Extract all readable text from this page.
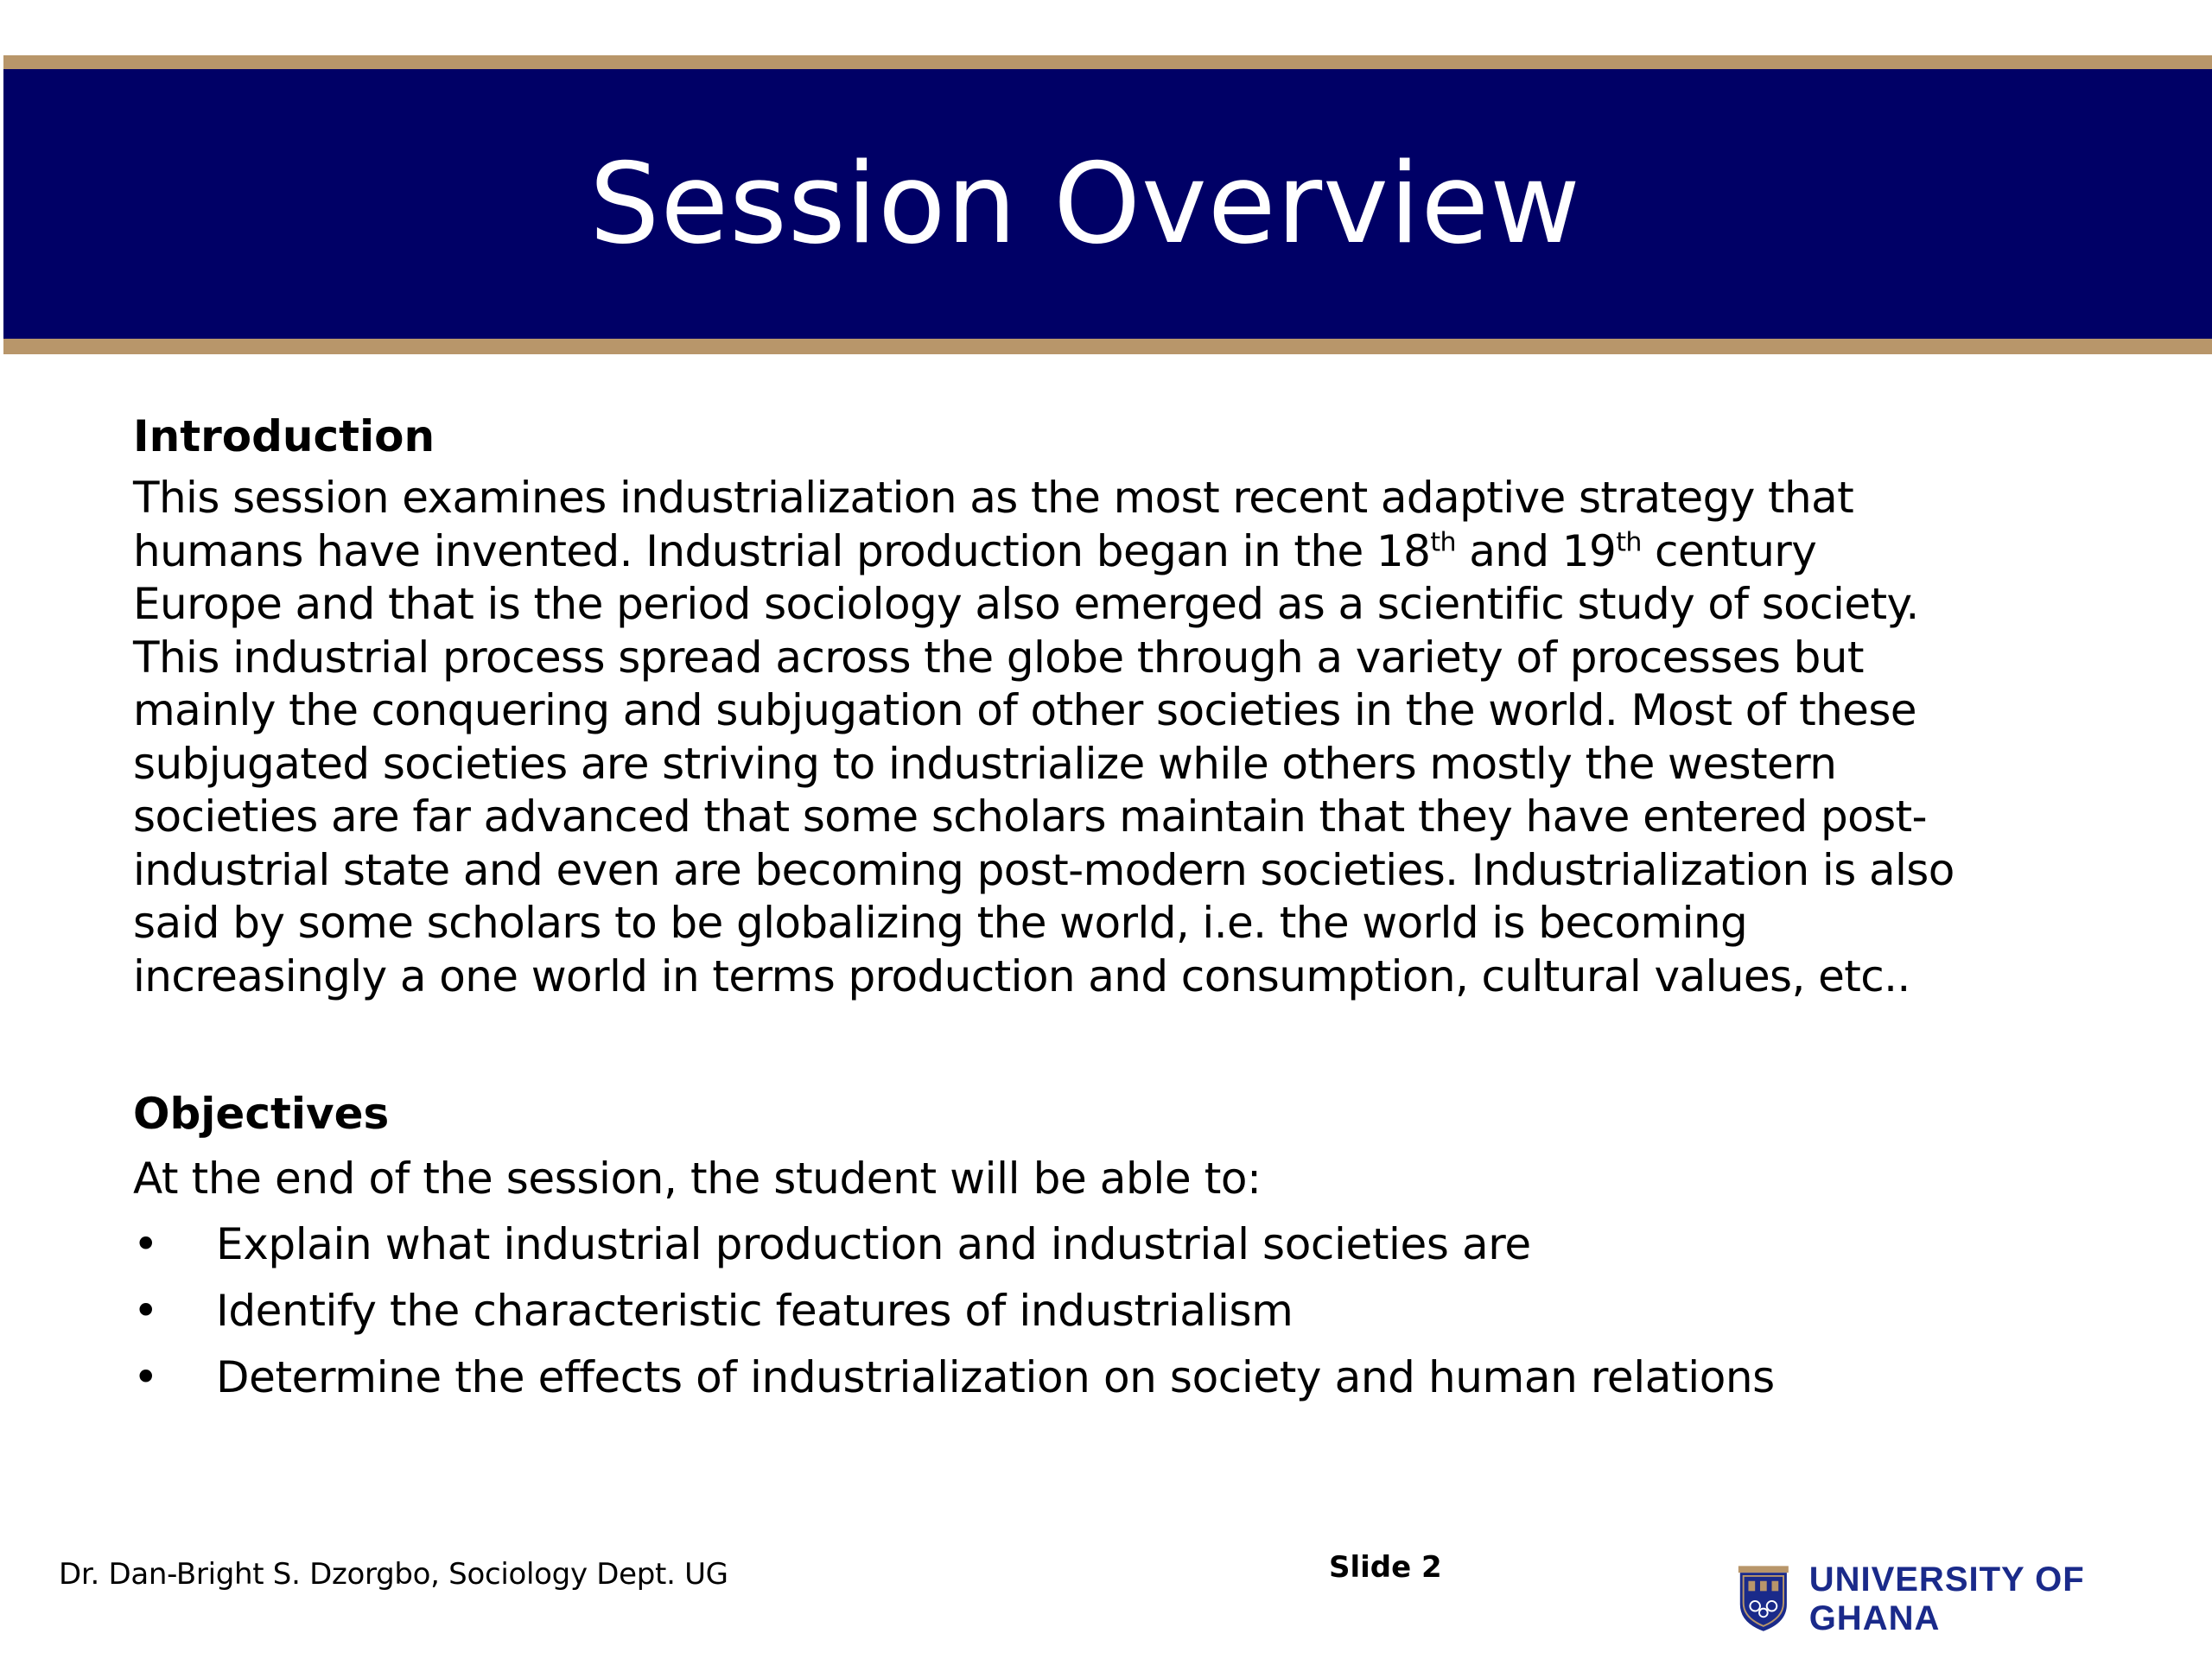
Session Overview
Introduction

This session examines industrialization as the most recent adaptive strategy that
humans have invented. Industrial production began in the 18th and 19th century
Europe and that is the period sociology also emerged as a scientific study of society.
This industrial process spread across the globe through a variety of processes but
mainly the conquering and subjugation of other societies in the world. Most of these
subjugated societies are striving to industrialize while others mostly the western
societies are far advanced that some scholars maintain that they have entered post-
industrial state and even are becoming post-modern societies. Industrialization is also
said by some scholars to be globalizing the world, i.e. the world is becoming
increasingly a one world in terms production and consumption, cultural values, etc..

Objectives

At the end of the session, the student will be able to:

• Explain what industrial production and industrial societies are
• Identify the characteristic features of industrialism
• Determine the effects of industrialization on society and human relations
Dr. Dan-Bright S. Dzorgbo, Sociology Dept. UG	Slide 2	UNIVERSITY OF GHANA
